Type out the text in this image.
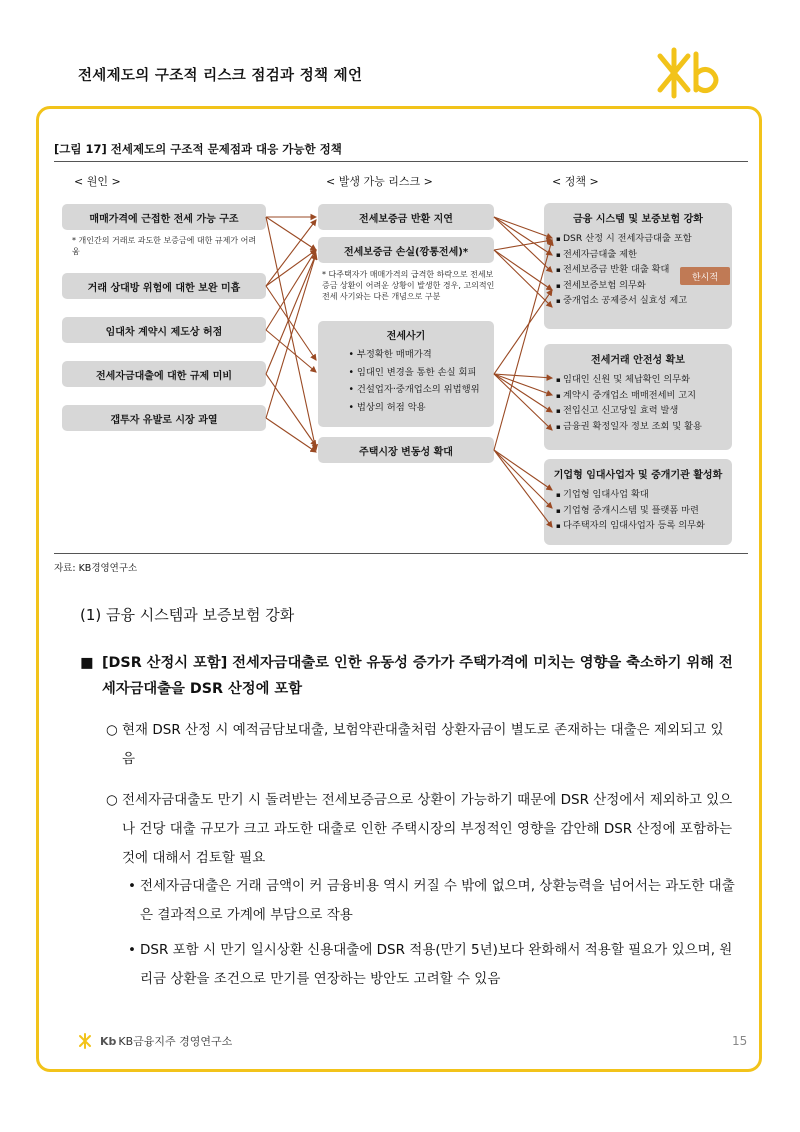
전세제도의 구조적 리스크 점검과 정책 제언
[그림 17] 전세제도의 구조적 문제점과 대응 가능한 정책
< 원인 >	< 발생 가능 리스크 >	< 정책 >
매매가격에 근접한 전세 가능 구조
* 개인간의 거래로 과도한 보증금에 대한 규제가 어려움
거래 상대방 위험에 대한 보완 미흡
임대차 계약시 제도상 허점
전세자금대출에 대한 규제 미비
갭투자 유발로 시장 과열
전세보증금 반환 지연
전세보증금 손실(깡통전세)*
* 다주택자가 매매가격의 급격한 하락으로 전세보증금 상환이 어려운 상황이 발생한 경우, 고의적인 전세 사기와는 다른 개념으로 구분
전세사기
• 부정확한 매매가격
• 임대인 변경을 통한 손실 회피
• 건설업자·중개업소의 위법행위
• 법상의 허점 악용
주택시장 변동성 확대
금융 시스템 및 보증보험 강화
▪ DSR 산정 시 전세자금대출 포함
▪ 전세자금대출 제한
▪ 전세보증금 반환 대출 확대
▪ 전세보증보험 의무화
▪ 중개업소 공제증서 실효성 제고
한시적
전세거래 안전성 확보
▪ 임대인 신원 및 체납확인 의무화
▪ 계약시 중개업소 매매전세비 고지
▪ 전입신고 신고당일 효력 발생
▪ 금융권 확정일자 정보 조회 및 활용
기업형 임대사업자 및 중개기관 활성화
▪ 기업형 임대사업 확대
▪ 기업형 중개시스템 및 플랫폼 마련
▪ 다주택자의 임대사업자 등록 의무화
자료: KB경영연구소
(1) 금융 시스템과 보증보험 강화
■ [DSR 산정시 포함] 전세자금대출로 인한 유동성 증가가 주택가격에 미치는 영향을 축소하기 위해 전세자금대출을 DSR 산정에 포함
○ 현재 DSR 산정 시 예적금담보대출, 보험약관대출처럼 상환자금이 별도로 존재하는 대출은 제외되고 있음
○ 전세자금대출도 만기 시 돌려받는 전세보증금으로 상환이 가능하기 때문에 DSR 산정에서 제외하고 있으나 건당 대출 규모가 크고 과도한 대출로 인한 주택시장의 부정적인 영향을 감안해 DSR 산정에 포함하는 것에 대해서 검토할 필요
• 전세자금대출은 거래 금액이 커 금융비용 역시 커질 수 밖에 없으며, 상환능력을 넘어서는 과도한 대출은 결과적으로 가계에 부담으로 작용
• DSR 포함 시 만기 일시상환 신용대출에 DSR 적용(만기 5년)보다 완화해서 적용할 필요가 있으며, 원리금 상환을 조건으로 만기를 연장하는 방안도 고려할 수 있음
Kb KB금융지주 경영연구소	15
